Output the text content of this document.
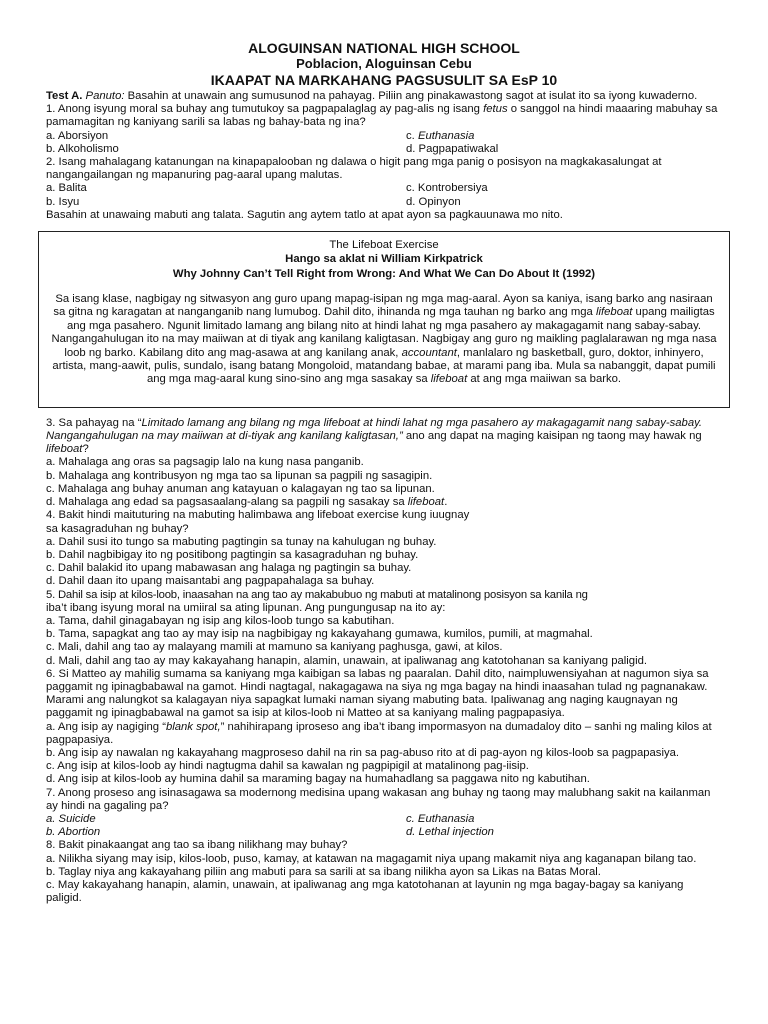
ALOGUINSAN NATIONAL HIGH SCHOOL
Poblacion, Aloguinsan Cebu
IKAAPAT NA MARKAHANG PAGSUSULIT SA EsP 10

Test A. Panuto: Basahin at unawain ang sumusunod na pahayag. Piliin ang pinakawastong sagot at isulat ito sa iyong kuwaderno.

1. Anong isyung moral sa buhay ang tumutukoy sa pagpapalaglag ay pag-alis ng isang fetus o sanggol na hindi maaaring mabuhay sa pamamagitan ng kaniyang sarili sa labas ng bahay-bata ng ina?

a. Aborsiyon	c. Euthanasia
b. Alkoholismo	d. Pagpapatiwakal

2. Isang mahalagang katanungan na kinapapalooban ng dalawa o higit pang mga panig o posisyon na magkakasalungat at nangangailangan ng mapanuring pag-aaral upang malutas.

a. Balita	c. Kontrobersiya
b. Isyu	d. Opinyon

Basahin at unawaing mabuti ang talata. Sagutin ang aytem tatlo at apat ayon sa pagkauunawa mo nito.

The Lifeboat Exercise
Hango sa aklat ni William Kirkpatrick
Why Johnny Can’t Tell Right from Wrong: And What We Can Do About It (1992)
Sa isang klase, nagbigay ng sitwasyon ang guro upang mapag-isipan ng mga mag-aaral. Ayon sa kaniya, isang barko ang nasiraan sa gitna ng karagatan at nanganganib nang lumubog. Dahil dito, ihinanda ng mga tauhan ng barko ang mga lifeboat upang mailigtas ang mga pasahero. Ngunit limitado lamang ang bilang nito at hindi lahat ng mga pasahero ay makagagamit nang sabay-sabay. Nangangahulugan ito na may maiiwan at di tiyak ang kanilang kaligtasan. Nagbigay ang guro ng maikling paglalarawan ng mga nasa loob ng barko. Kabilang dito ang mag-asawa at ang kanilang anak, accountant, manlalaro ng basketball, guro, doktor, inhinyero, artista, mang-aawit, pulis, sundalo, isang batang Mongoloid, matandang babae, at marami pang iba. Mula sa nabanggit, dapat pumili ang mga mag-aaral kung sino-sino ang mga sasakay sa lifeboat at ang mga maiiwan sa barko.

3. Sa pahayag na “Limitado lamang ang bilang ng mga lifeboat at hindi lahat ng mga pasahero ay makagagamit nang sabay-sabay. Nangangahulugan na may maiiwan at di-tiyak ang kanilang kaligtasan,” ano ang dapat na maging kaisipan ng taong may hawak ng lifeboat?

a. Mahalaga ang oras sa pagsagip lalo na kung nasa panganib.

b. Mahalaga ang kontribusyon ng mga tao sa lipunan sa pagpili ng sasagipin.

c. Mahalaga ang buhay anuman ang katayuan o kalagayan ng tao sa lipunan.

d. Mahalaga ang edad sa pagsasaalang-alang sa pagpili ng sasakay sa lifeboat.

4. Bakit hindi maituturing na mabuting halimbawa ang lifeboat exercise kung iuugnay

sa kasagraduhan ng buhay?

a. Dahil susi ito tungo sa mabuting pagtingin sa tunay na kahulugan ng buhay.

b. Dahil nagbibigay ito ng positibong pagtingin sa kasagraduhan ng buhay.

c. Dahil balakid ito upang mabawasan ang halaga ng pagtingin sa buhay.

d. Dahil daan ito upang maisantabi ang pagpapahalaga sa buhay.

5. Dahil sa isip at kilos-loob, inaasahan na ang tao ay makabubuo ng mabuti at matalinong posisyon sa kanila ng

iba’t ibang isyung moral na umiiral sa ating lipunan. Ang pungungusap na ito ay:

a. Tama, dahil ginagabayan ng isip ang kilos-loob tungo sa kabutihan.

b. Tama, sapagkat ang tao ay may isip na nagbibigay ng kakayahang gumawa, kumilos, pumili, at magmahal.

c. Mali, dahil ang tao ay malayang mamili at mamuno sa kaniyang paghusga, gawi, at kilos.

d. Mali, dahil ang tao ay may kakayahang hanapin, alamin, unawain, at ipaliwanag ang katotohanan sa kaniyang paligid.

6. Si Matteo ay mahilig sumama sa kaniyang mga kaibigan sa labas ng paaralan. Dahil dito, naimpluwensiyahan at nagumon siya sa paggamit ng ipinagbabawal na gamot. Hindi nagtagal, nakagagawa na siya ng mga bagay na hindi inaasahan tulad ng pagnanakaw. Marami ang nalungkot sa kalagayan niya sapagkat lumaki naman siyang mabuting bata. Ipaliwanag ang naging kaugnayan ng paggamit ng ipinagbabawal na gamot sa isip at kilos-loob ni Matteo at sa kaniyang maling pagpapasiya.

a. Ang isip ay nagiging “blank spot,” nahihirapang iproseso ang iba’t ibang impormasyon na dumadaloy dito – sanhi ng maling kilos at pagpapasiya.

b. Ang isip ay nawalan ng kakayahang magproseso dahil na rin sa pag-abuso rito at di pag-ayon ng kilos-loob sa pagpapasiya.

c. Ang isip at kilos-loob ay hindi nagtugma dahil sa kawalan ng pagpipigil at matalinong pag-iisip.

d. Ang isip at kilos-loob ay humina dahil sa maraming bagay na humahadlang sa paggawa nito ng kabutihan.

7. Anong proseso ang isinasagawa sa modernong medisina upang wakasan ang buhay ng taong may malubhang sakit na kailanman ay hindi na gagaling pa?

a. Suicide	c. Euthanasia
b. Abortion	d. Lethal injection

8. Bakit pinakaangat ang tao sa ibang nilikhang may buhay?

a. Nilikha siyang may isip, kilos-loob, puso, kamay, at katawan na magagamit niya upang makamit niya ang kaganapan bilang tao.

b. Taglay niya ang kakayahang piliin ang mabuti para sa sarili at sa ibang nilikha ayon sa Likas na Batas Moral.

c. May kakayahang hanapin, alamin, unawain, at ipaliwanag ang mga katotohanan at layunin ng mga bagay-bagay sa kaniyang paligid.
